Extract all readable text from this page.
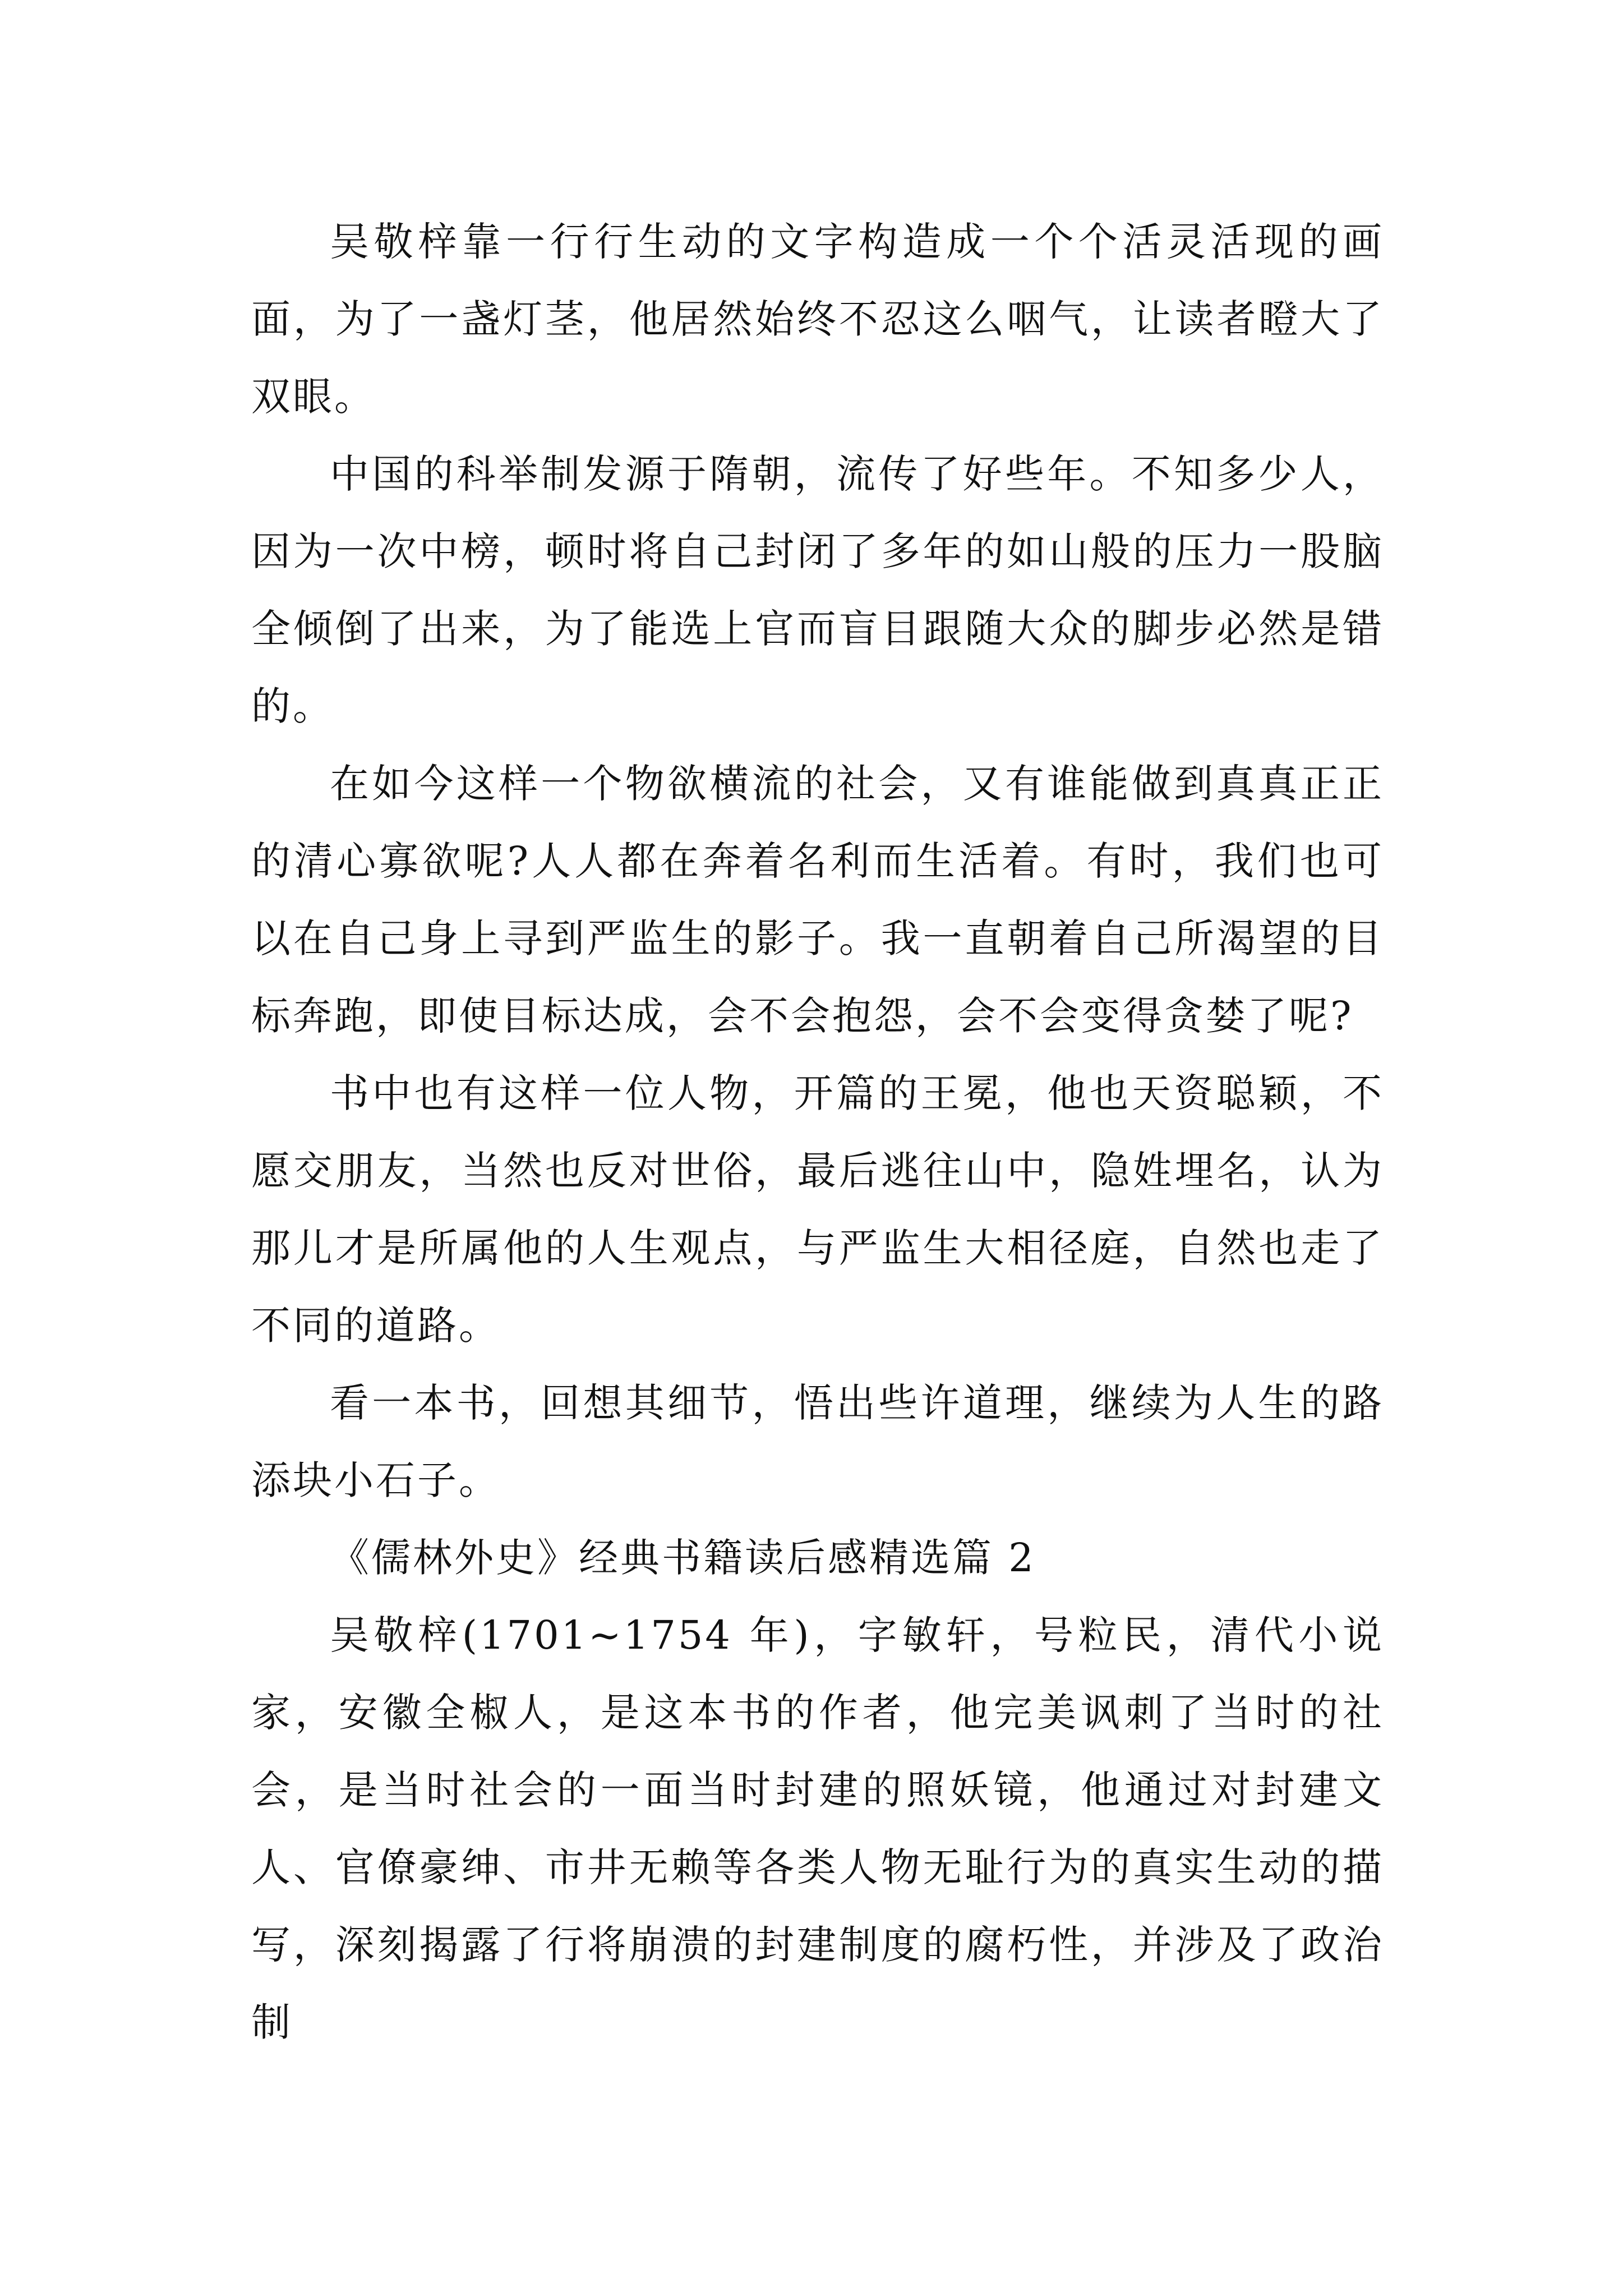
吴敬梓靠一行行生动的文字构造成一个个活灵活现的画面，为了一盏灯茎，他居然始终不忍这么咽气，让读者瞪大了双眼。

中国的科举制发源于隋朝，流传了好些年。不知多少人，因为一次中榜，顿时将自己封闭了多年的如山般的压力一股脑全倾倒了出来，为了能选上官而盲目跟随大众的脚步必然是错的。

在如今这样一个物欲横流的社会，又有谁能做到真真正正的清心寡欲呢?人人都在奔着名利而生活着。有时，我们也可以在自己身上寻到严监生的影子。我一直朝着自己所渴望的目标奔跑，即使目标达成，会不会抱怨，会不会变得贪婪了呢?

书中也有这样一位人物，开篇的王冕，他也天资聪颖，不愿交朋友，当然也反对世俗，最后逃往山中，隐姓埋名，认为那儿才是所属他的人生观点，与严监生大相径庭，自然也走了不同的道路。

看一本书，回想其细节，悟出些许道理，继续为人生的路添块小石子。

《儒林外史》经典书籍读后感精选篇 2

吴敬梓(1701~1754 年)，字敏轩，号粒民，清代小说家，安徽全椒人，是这本书的作者，他完美讽刺了当时的社会，是当时社会的一面当时封建的照妖镜，他通过对封建文人、官僚豪绅、市井无赖等各类人物无耻行为的真实生动的描写，深刻揭露了行将崩溃的封建制度的腐朽性，并涉及了政治制
